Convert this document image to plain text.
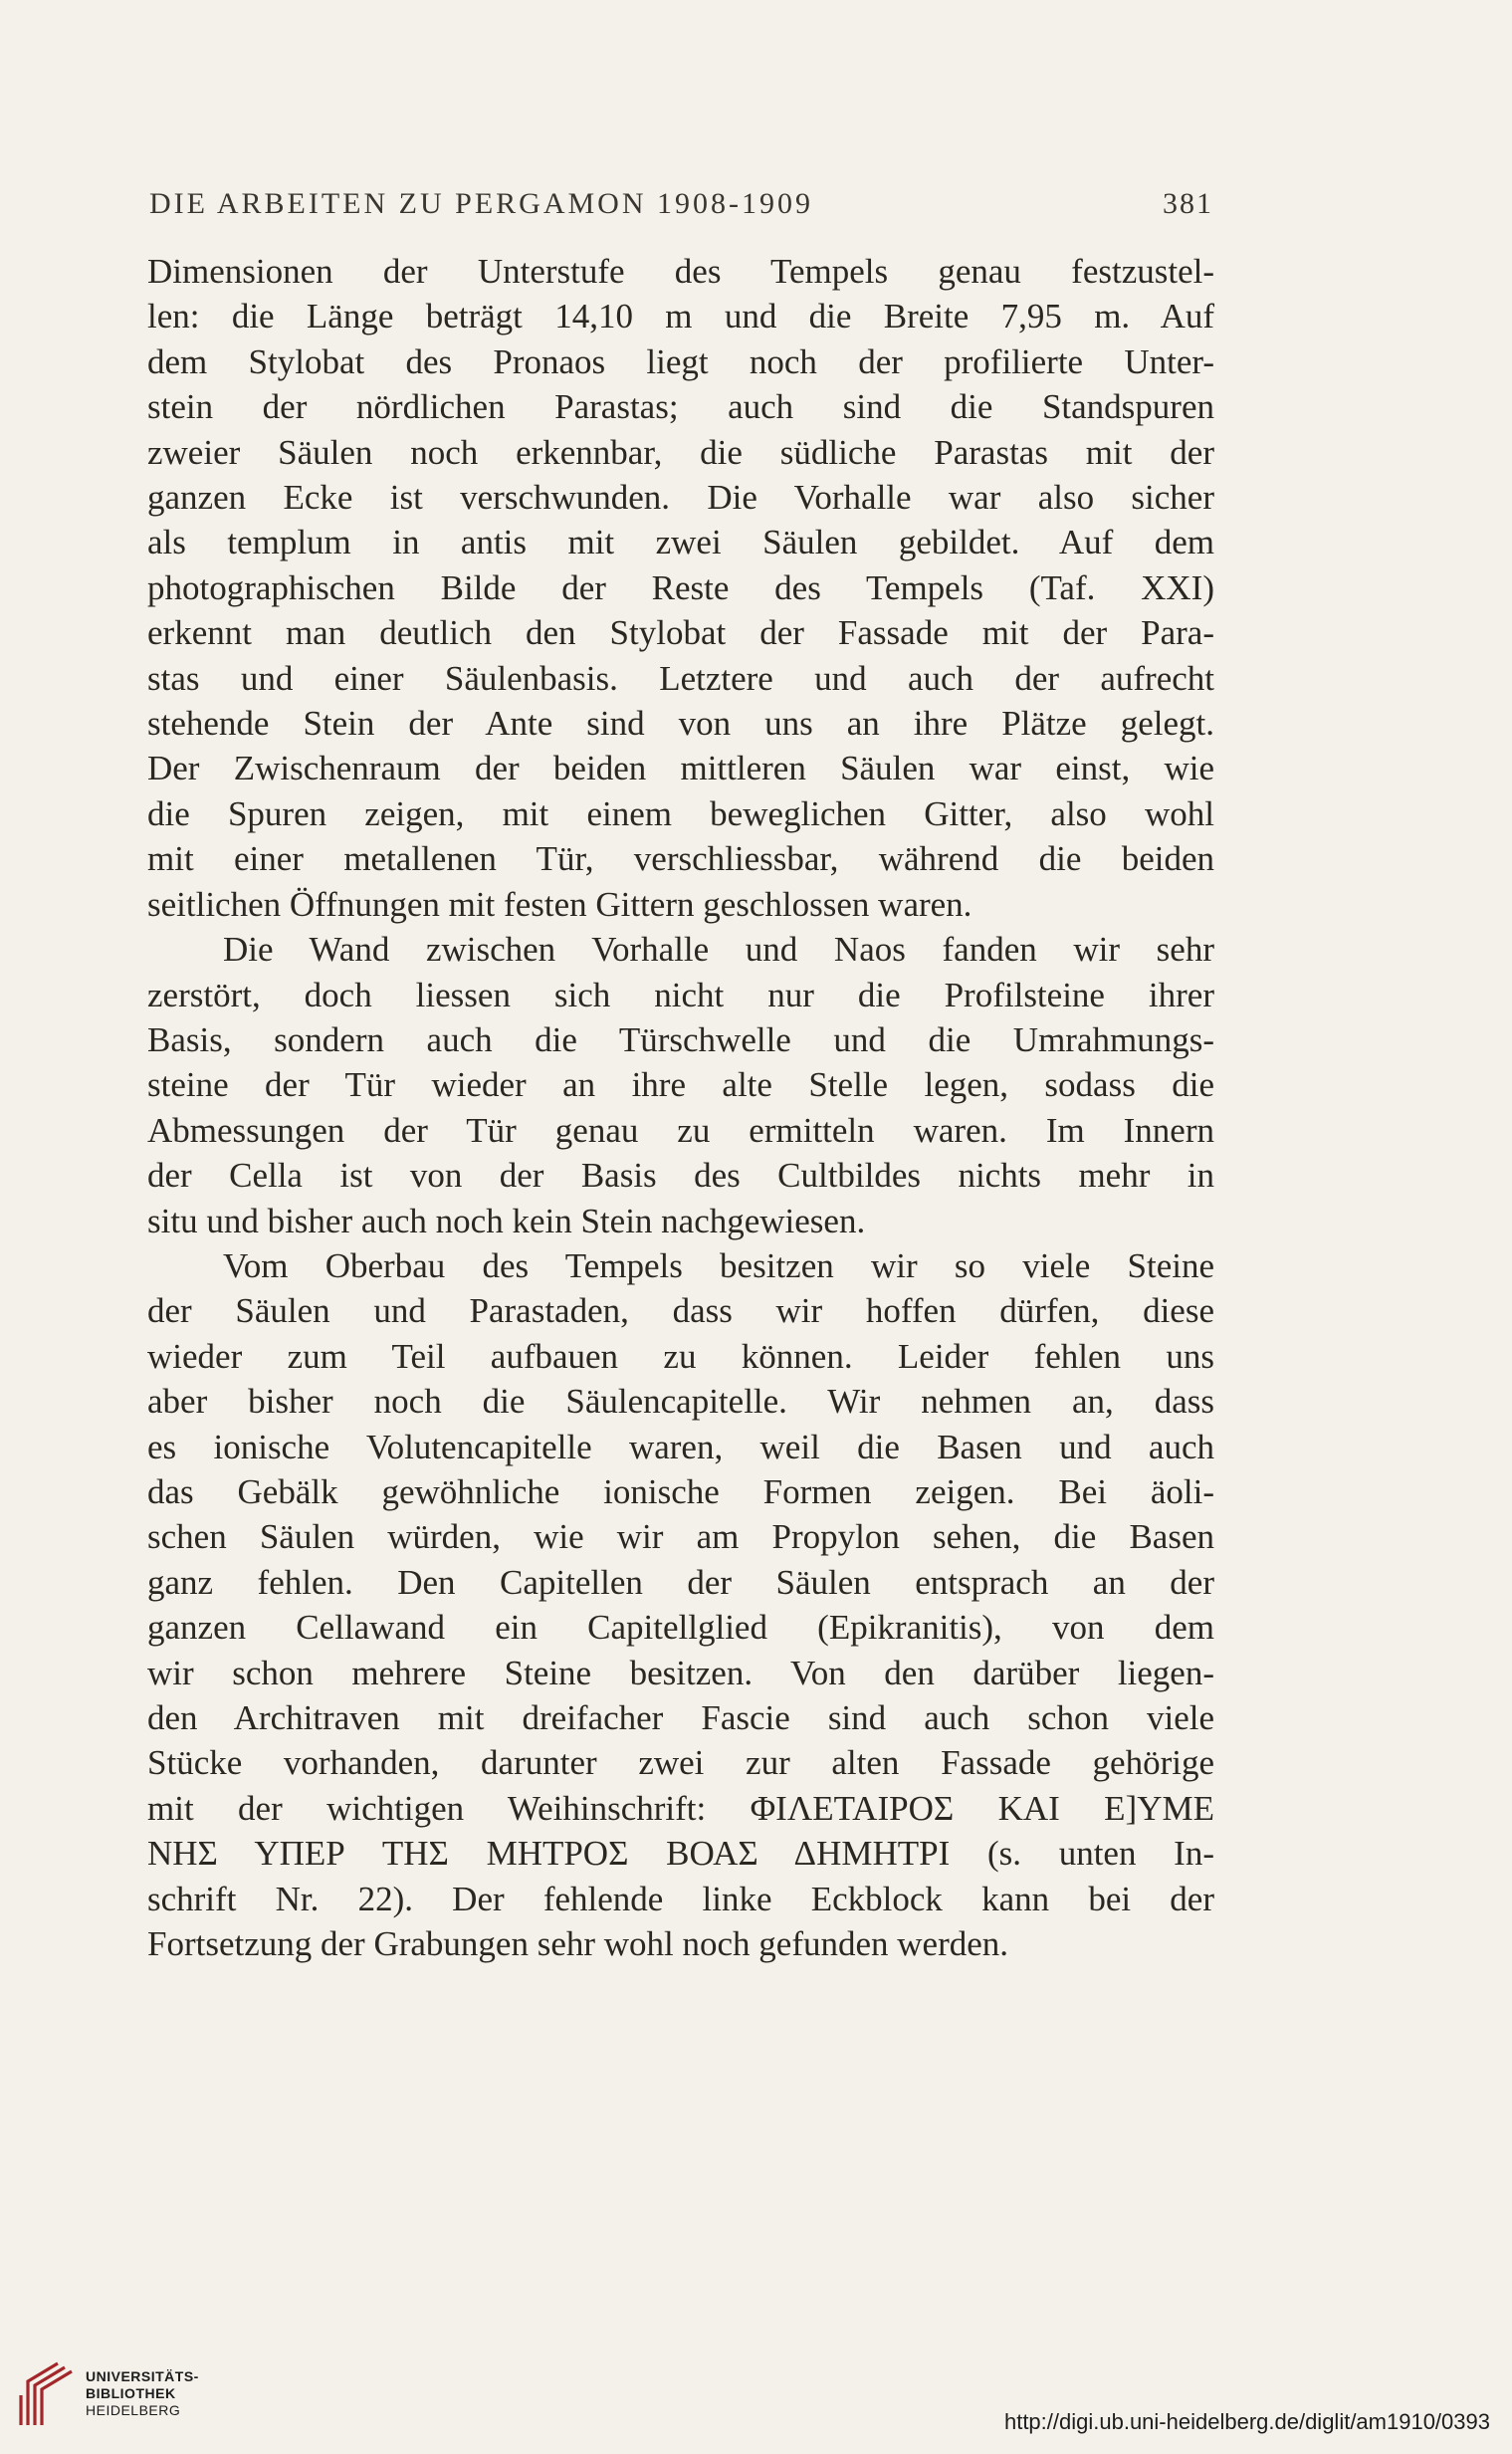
DIE ARBEITEN ZU PERGAMON 1908-1909	381

Dimensionen der Unterstufe des Tempels genau festzustel-
len: die Länge beträgt 14,10 m und die Breite 7,95 m. Auf
dem Stylobat des Pronaos liegt noch der profilierte Unter-
stein der nördlichen Parastas; auch sind die Standspuren
zweier Säulen noch erkennbar, die südliche Parastas mit der
ganzen Ecke ist verschwunden. Die Vorhalle war also sicher
als templum in antis mit zwei Säulen gebildet. Auf dem
photographischen Bilde der Reste des Tempels (Taf. XXI)
erkennt man deutlich den Stylobat der Fassade mit der Para-
stas und einer Säulenbasis. Letztere und auch der aufrecht
stehende Stein der Ante sind von uns an ihre Plätze gelegt.
Der Zwischenraum der beiden mittleren Säulen war einst, wie
die Spuren zeigen, mit einem beweglichen Gitter, also wohl
mit einer metallenen Tür, verschliessbar, während die beiden
seitlichen Öffnungen mit festen Gittern geschlossen waren.

Die Wand zwischen Vorhalle und Naos fanden wir sehr
zerstört, doch liessen sich nicht nur die Profilsteine ihrer
Basis, sondern auch die Türschwelle und die Umrahmungs-
steine der Tür wieder an ihre alte Stelle legen, sodass die
Abmessungen der Tür genau zu ermitteln waren. Im Innern
der Cella ist von der Basis des Cultbildes nichts mehr in
situ und bisher auch noch kein Stein nachgewiesen.

Vom Oberbau des Tempels besitzen wir so viele Steine
der Säulen und Parastaden, dass wir hoffen dürfen, diese
wieder zum Teil aufbauen zu können. Leider fehlen uns
aber bisher noch die Säulencapitelle. Wir nehmen an, dass
es ionische Volutencapitelle waren, weil die Basen und auch
das Gebälk gewöhnliche ionische Formen zeigen. Bei äoli-
schen Säulen würden, wie wir am Propylon sehen, die Basen
ganz fehlen. Den Capitellen der Säulen entsprach an der
ganzen Cellawand ein Capitellglied (Epikranitis), von dem
wir schon mehrere Steine besitzen. Von den darüber liegen-
den Architraven mit dreifacher Fascie sind auch schon viele
Stücke vorhanden, darunter zwei zur alten Fassade gehörige
mit der wichtigen Weihinschrift: ΦΙΛΕΤΑΙΡΟΣ ΚΑΙ Ε]ΥΜΕ
ΝΗΣ ΥΠΕΡ ΤΗΣ ΜΗΤΡΟΣ ΒΟΑΣ ΔΗΜΗΤΡΙ (s. unten In-
schrift Nr. 22). Der fehlende linke Eckblock kann bei der
Fortsetzung der Grabungen sehr wohl noch gefunden werden.

UNIVERSITÄTS-
BIBLIOTHEK
HEIDELBERG	http://digi.ub.uni-heidelberg.de/diglit/am1910/0393
